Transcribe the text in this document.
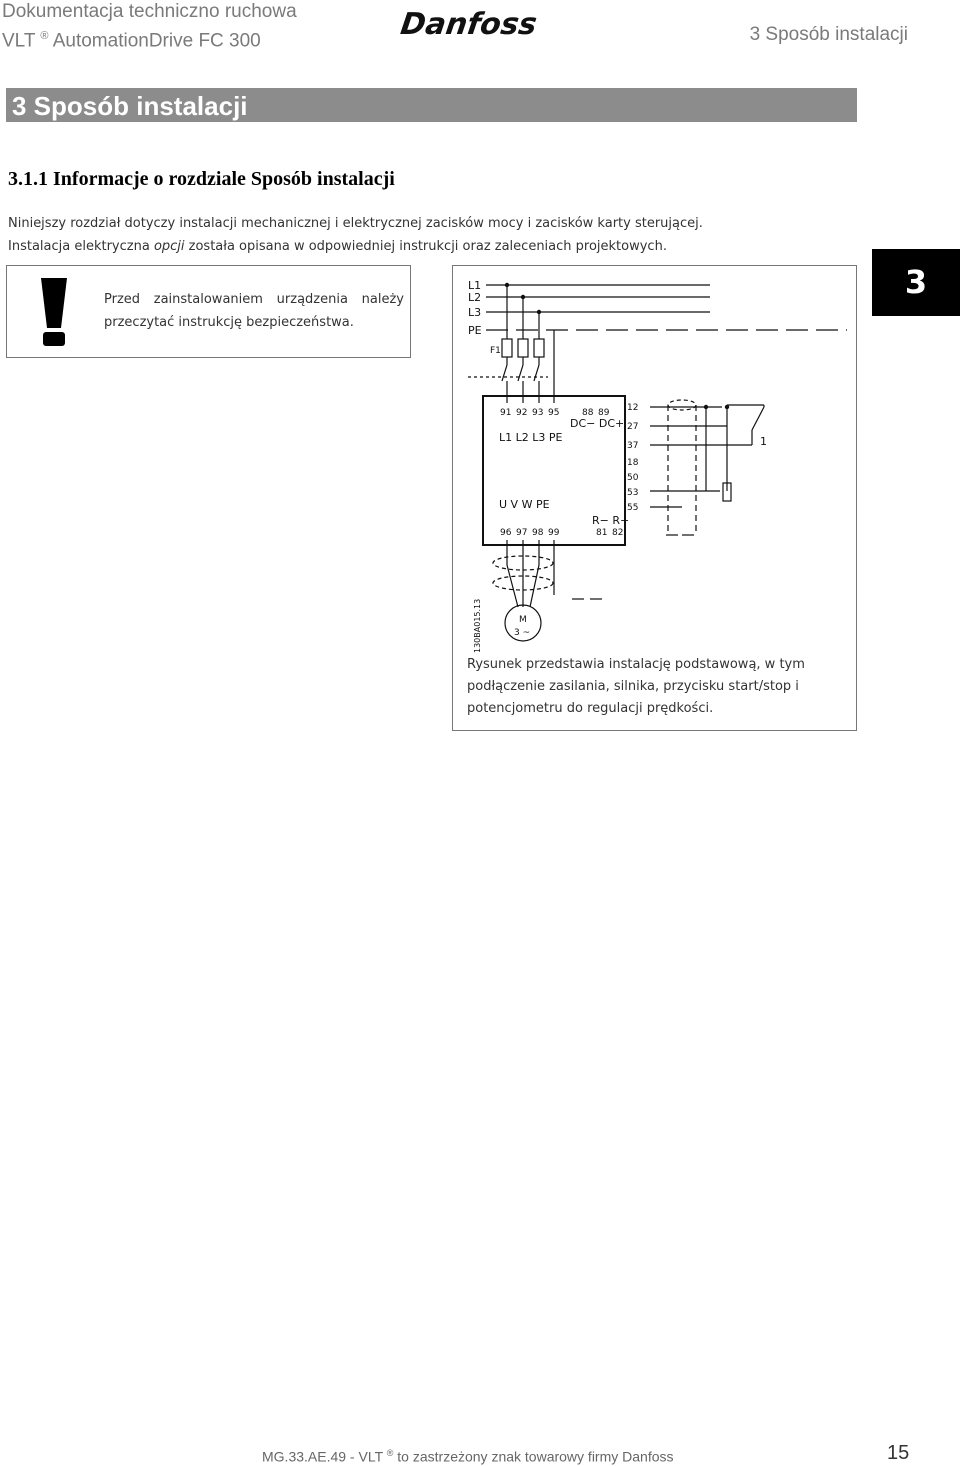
Dokumentacja techniczno ruchowa
VLT ® AutomationDrive FC 300	Danfoss	3 Sposób instalacji
3 Sposób instalacji
3.1.1 Informacje o rozdziale Sposób instalacji
Niniejszy rozdział dotyczy instalacji mechanicznej i elektrycznej zacisków mocy i zacisków karty sterującej.
Instalacja elektryczna opcji została opisana w odpowiedniej instrukcji oraz zaleceniach projektowych.
Przed zainstalowaniem urządzenia należy przeczytać instrukcję bezpieczeństwa.
3
L1
L2
L3
PE
F1
91 92 93 95	88 89
DC− DC+
L1 L2 L3 PE
U V W PE
96 97 98 99
R− R+
81 82
12
27
37
18
50
53
55
1
M
3 ~
130BA015.13
Rysunek przedstawia instalację podstawową, w tym podłączenie zasilania, silnika, przycisku start/stop i potencjometru do regulacji prędkości.
MG.33.AE.49 - VLT ® to zastrzeżony znak towarowy firmy Danfoss	15
